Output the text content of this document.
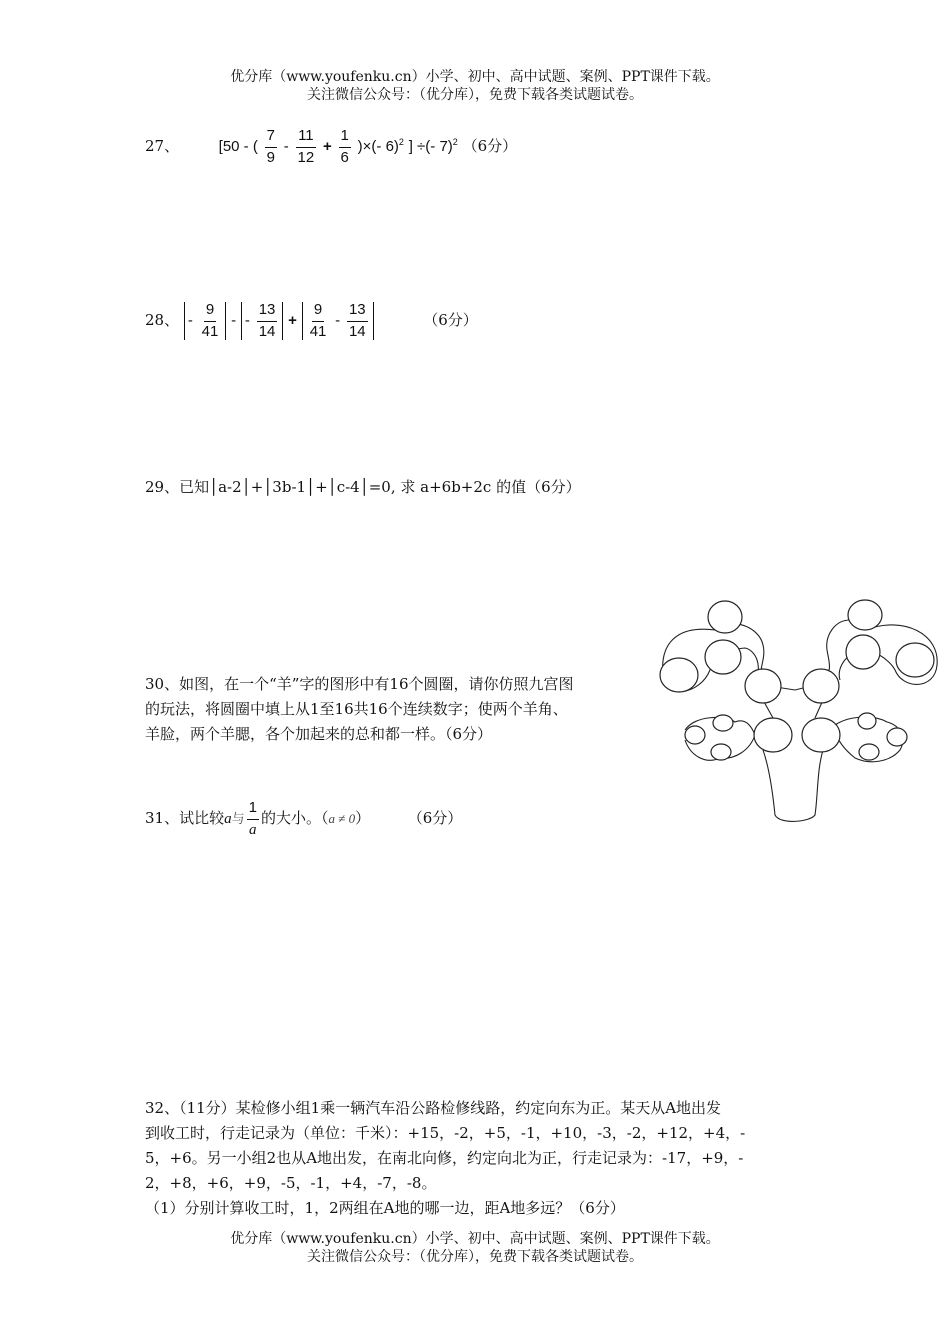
优分库（www.youfenku.cn）小学、初中、高中试题、案例、PPT课件下载。
关注微信公众号：（优分库），免费下载各类试题试卷。
27、	[50 - ( $\frac{7}{9} - \frac{11}{12} + \frac{1}{6}$ )×(- 6)$^2$ ] ÷(- 7)$^2$ （6分）
28、 - $\frac{9}{41}$ - - $\frac{13}{14} + \frac{9}{41} - \frac{13}{14}$	（6分）
29、已知│a-2│+│3b-1│+│c-4│=0, 求 a+6b+2c 的值（6分）
30、如图，在一个“羊”字的图形中有16个圆圈，请你仿照九宫图
的玩法，将圆圈中填上从1至16共16个连续数字；使两个羊角、
羊脸，两个羊腮，各个加起来的总和都一样。（6分）
31、试比较a与 $\frac{1}{a}$ 的大小。（a ≠ 0）	（6分）
32、（11分）某检修小组1乘一辆汽车沿公路检修线路，约定向东为正。某天从A地出发
到收工时，行走记录为（单位：千米）：+15，-2，+5，-1，+10，-3，-2，+12，+4，-
5，+6。另一小组2也从A地出发，在南北向修，约定向北为正，行走记录为：-17，+9，-
2，+8，+6，+9，-5，-1，+4，-7，-8。
（1）分别计算收工时，1，2两组在A地的哪一边，距A地多远？（6分）
优分库（www.youfenku.cn）小学、初中、高中试题、案例、PPT课件下载。
关注微信公众号：（优分库），免费下载各类试题试卷。
